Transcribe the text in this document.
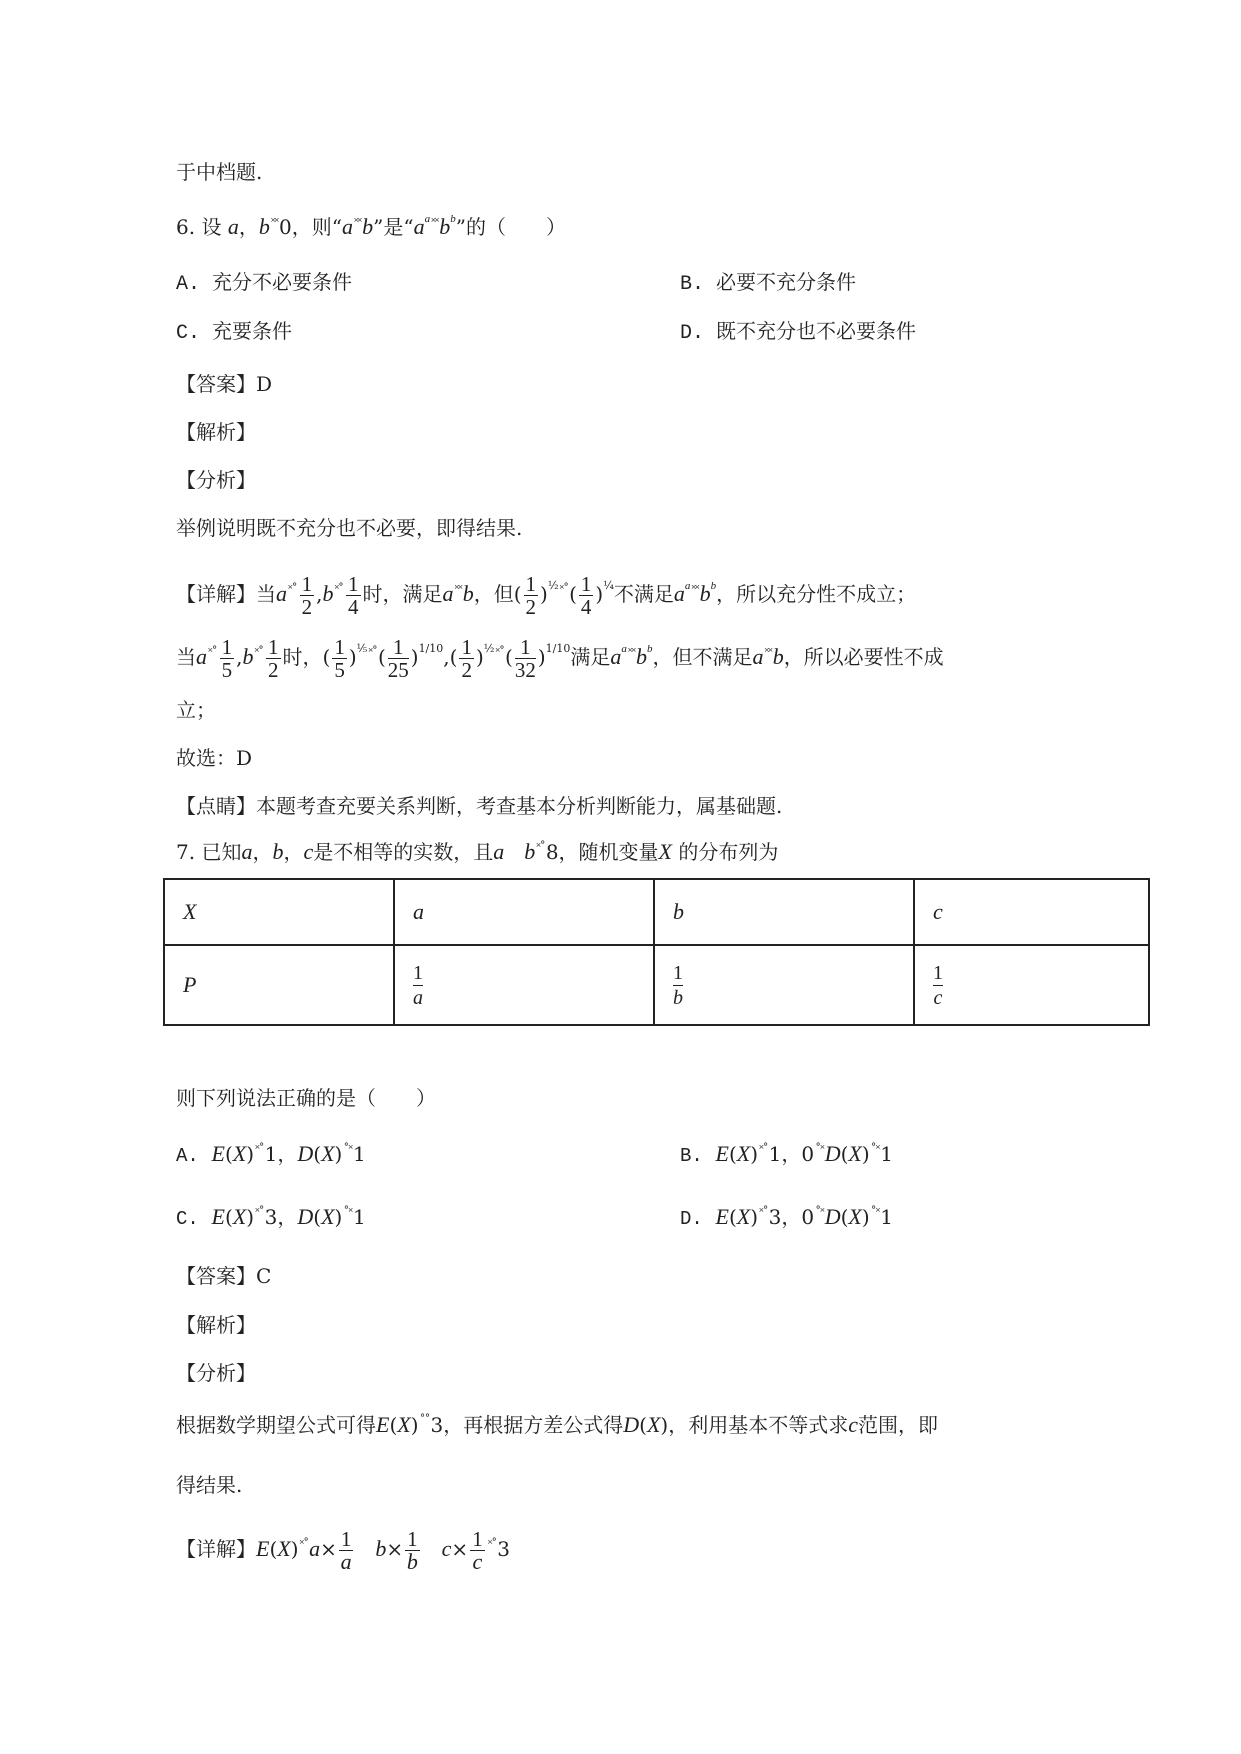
于中档题.
6. 设 a，b˟˟0，则“a˟˟b”是“$a^{a˟˟}b^b$”的（　　）
A. 充分不必要条件	B. 必要不充分条件
C. 充要条件	D. 既不充分也不必要条件
【答案】D
【解析】
【分析】
举例说明既不充分也不必要，即得结果.
【详解】当$a^{˟˚} \frac{1}{2} ,b^{˟˚} \frac{1}{4}$ 时，满足a˟˟b，但( $\frac{1}{2} )^{\frac{1}{2}˟˚}( \frac{1}{4} )^{\frac{1}{4}}$不满足$a^{a˟˟}b^b$，所以充分性不成立；
当$a^{˟˚} \frac{1}{5} ,b^{˟˚} \frac{1}{2}$ 时，( $\frac{1}{5} )^{\frac{1}{5}˟˚}( \frac{1}{25} )^{1/10},( \frac{1}{2} )^{\frac{1}{2}˟˚}( \frac{1}{32} )^{1/10}$满足$a^{a˟˟}b^b$，但不满足a˟˟b，所以必要性不成
立；
故选：D
【点睛】本题考查充要关系判断，考查基本分析判断能力，属基础题.
7. 已知a，b，c是不相等的实数，且a　 b˟˚8，随机变量X 的分布列为
X	a	b	c
P	$\frac{1}{a}$	$\frac{1}{b}$	$\frac{1}{c}$
则下列说法正确的是（　　）
A. E(X)˟˚1，D(X)˚˟1	B. E(X)˟˚1，0˚˟D(X)˚˟1
C. E(X)˟˚3，D(X)˚˟1	D. E(X)˟˚3，0˚˟D(X)˚˟1
【答案】C
【解析】
【分析】
根据数学期望公式可得E(X)˚˚3，再根据方差公式得D(X)，利用基本不等式求c范围，即
得结果.
【详解】$E(X)^{˟˚}a\times \frac{1}{a}$
　 $b\times \frac{1}{b}$
　 $c\times \frac{1}{c} ^{˟˚}3$
